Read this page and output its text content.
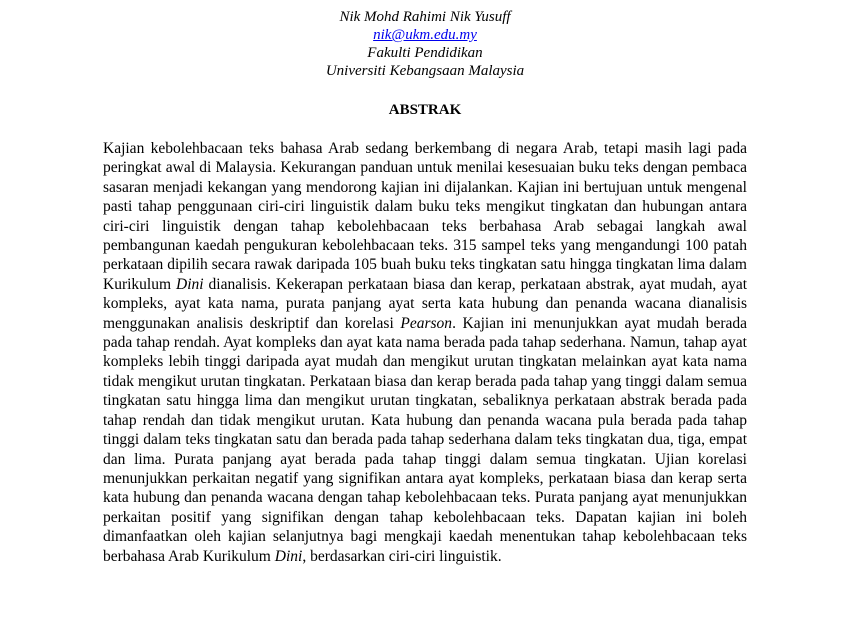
Nik Mohd Rahimi Nik Yusuff
nik@ukm.edu.my
Fakulti Pendidikan
Universiti Kebangsaan Malaysia
ABSTRAK
Kajian kebolehbacaan teks bahasa Arab sedang berkembang di negara Arab, tetapi masih lagi pada peringkat awal di Malaysia. Kekurangan panduan untuk menilai kesesuaian buku teks dengan pembaca sasaran menjadi kekangan yang mendorong kajian ini dijalankan. Kajian ini bertujuan untuk mengenal pasti tahap penggunaan ciri-ciri linguistik dalam buku teks mengikut tingkatan dan hubungan antara ciri-ciri linguistik dengan tahap kebolehbacaan teks berbahasa Arab sebagai langkah awal pembangunan kaedah pengukuran kebolehbacaan teks. 315 sampel teks yang mengandungi 100 patah perkataan dipilih secara rawak daripada 105 buah buku teks tingkatan satu hingga tingkatan lima dalam Kurikulum Dini dianalisis. Kekerapan perkataan biasa dan kerap, perkataan abstrak, ayat mudah, ayat kompleks, ayat kata nama, purata panjang ayat serta kata hubung dan penanda wacana dianalisis menggunakan analisis deskriptif dan korelasi Pearson. Kajian ini menunjukkan ayat mudah berada pada tahap rendah. Ayat kompleks dan ayat kata nama berada pada tahap sederhana. Namun, tahap ayat kompleks lebih tinggi daripada ayat mudah dan mengikut urutan tingkatan melainkan ayat kata nama tidak mengikut urutan tingkatan. Perkataan biasa dan kerap berada pada tahap yang tinggi dalam semua tingkatan satu hingga lima dan mengikut urutan tingkatan, sebaliknya perkataan abstrak berada pada tahap rendah dan tidak mengikut urutan. Kata hubung dan penanda wacana pula berada pada tahap tinggi dalam teks tingkatan satu dan berada pada tahap sederhana dalam teks tingkatan dua, tiga, empat dan lima. Purata panjang ayat berada pada tahap tinggi dalam semua tingkatan. Ujian korelasi menunjukkan perkaitan negatif yang signifikan antara ayat kompleks, perkataan biasa dan kerap serta kata hubung dan penanda wacana dengan tahap kebolehbacaan teks. Purata panjang ayat menunjukkan perkaitan positif yang signifikan dengan tahap kebolehbacaan teks. Dapatan kajian ini boleh dimanfaatkan oleh kajian selanjutnya bagi mengkaji kaedah menentukan tahap kebolehbacaan teks berbahasa Arab Kurikulum Dini, berdasarkan ciri-ciri linguistik.
